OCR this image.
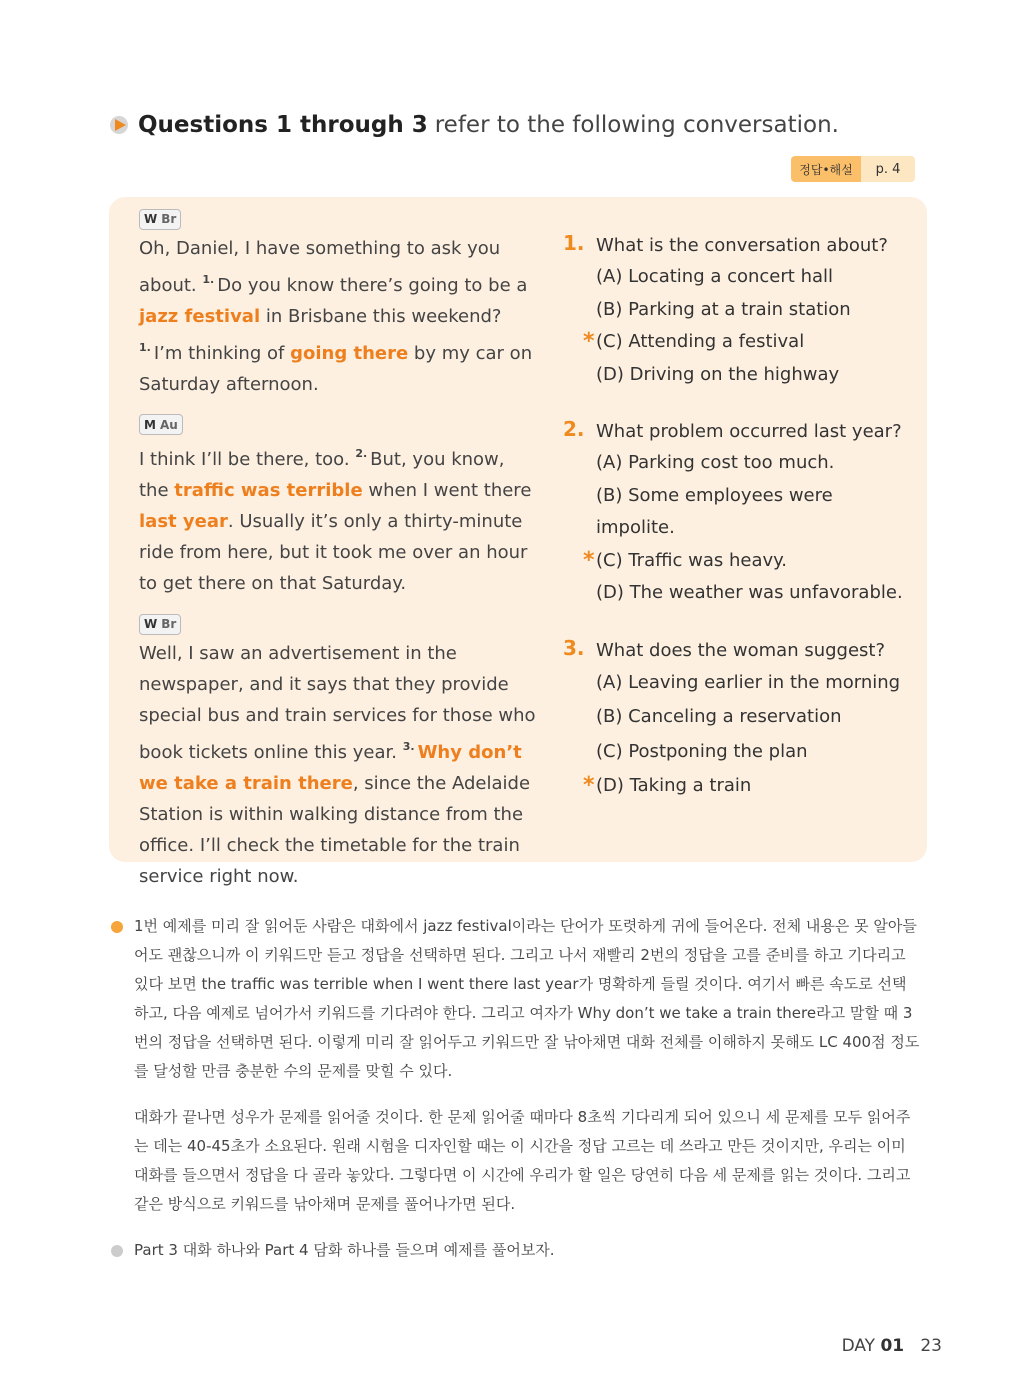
Questions 1 through 3 refer to the following conversation.
정답•해설	p. 4
W Br
Oh, Daniel, I have something to ask you about. $^{1.}$ Do you know there’s going to be a jazz festival in Brisbane this weekend? $^{1.}$ I’m thinking of going there by my car on Saturday afternoon.
M Au
I think I’ll be there, too. $^{2.}$ But, you know, the traffic was terrible when I went there last year. Usually it’s only a thirty-minute ride from here, but it took me over an hour to get there on that Saturday.
W Br
Well, I saw an advertisement in the newspaper, and it says that they provide special bus and train services for those who book tickets online this year. $^{3.}$ Why don’t we take a train there, since the Adelaide Station is within walking distance from the office. I’ll check the timetable for the train service right now.
1. What is the conversation about?
(A) Locating a concert hall
(B) Parking at a train station
* (C) Attending a festival
(D) Driving on the highway
2. What problem occurred last year?
(A) Parking cost too much.
(B) Some employees were impolite.
* (C) Traffic was heavy.
(D) The weather was unfavorable.
3. What does the woman suggest?
(A) Leaving earlier in the morning
(B) Canceling a reservation
(C) Postponing the plan
* (D) Taking a train
1번 예제를 미리 잘 읽어둔 사람은 대화에서 jazz festival이라는 단어가 또렷하게 귀에 들어온다. 전체 내용은 못 알아들어도 괜찮으니까 이 키워드만 듣고 정답을 선택하면 된다. 그리고 나서 재빨리 2번의 정답을 고를 준비를 하고 기다리고 있다 보면 the traffic was terrible when I went there last year가 명확하게 들릴 것이다. 여기서 빠른 속도로 선택하고, 다음 예제로 넘어가서 키워드를 기다려야 한다. 그리고 여자가 Why don’t we take a train there라고 말할 때 3번의 정답을 선택하면 된다. 이렇게 미리 잘 읽어두고 키워드만 잘 낚아채면 대화 전체를 이해하지 못해도 LC 400점 정도를 달성할 만큼 충분한 수의 문제를 맞힐 수 있다.
대화가 끝나면 성우가 문제를 읽어줄 것이다. 한 문제 읽어줄 때마다 8초씩 기다리게 되어 있으니 세 문제를 모두 읽어주는 데는 40-45초가 소요된다. 원래 시험을 디자인할 때는 이 시간을 정답 고르는 데 쓰라고 만든 것이지만, 우리는 이미 대화를 들으면서 정답을 다 골라 놓았다. 그렇다면 이 시간에 우리가 할 일은 당연히 다음 세 문제를 읽는 것이다. 그리고 같은 방식으로 키워드를 낚아채며 문제를 풀어나가면 된다.
Part 3 대화 하나와 Part 4 담화 하나를 들으며 예제를 풀어보자.
DAY 01 23
